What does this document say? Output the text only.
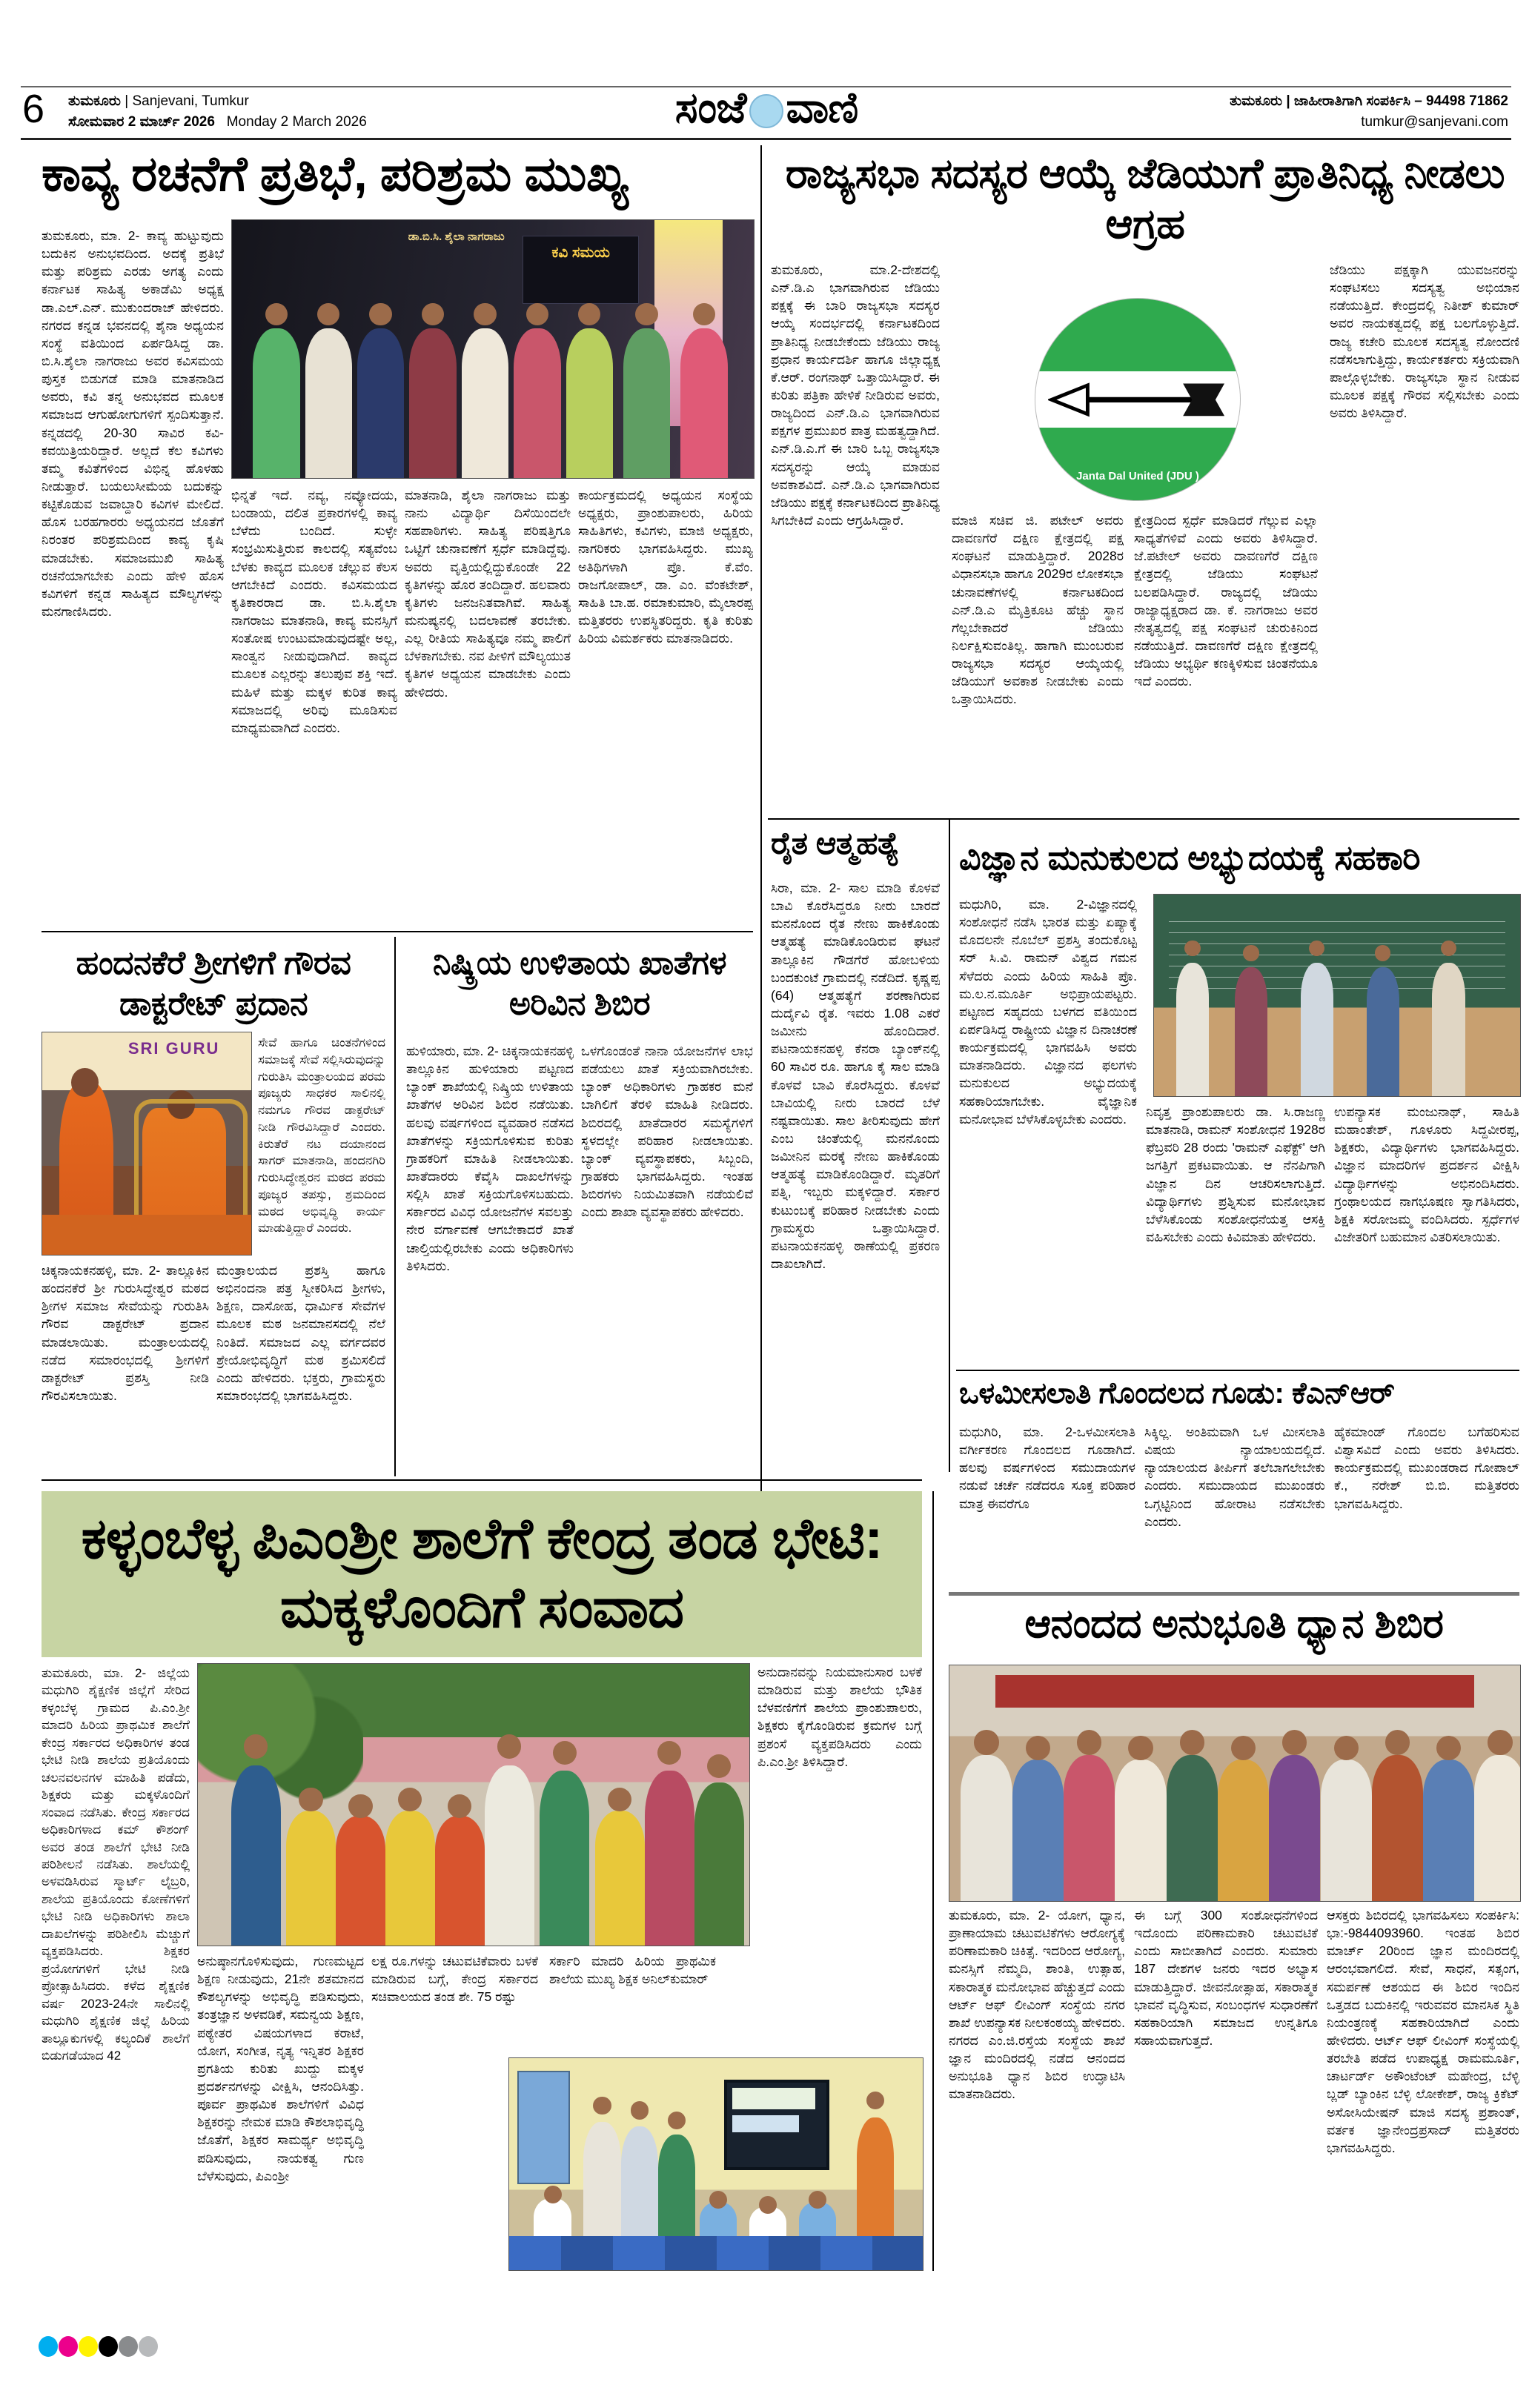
6 ತುಮಕೂರು | Sanjevani, Tumkur
ಸೋಮವಾರ 2 ಮಾರ್ಚ್ 2026 Monday 2 March 2026	ಸಂಜೆ ವಾಣಿ	ತುಮಕೂರು | ಜಾಹೀರಾತಿಗಾಗಿ ಸಂಪರ್ಕಿಸಿ – 94498 71862
tumkur@sanjevani.com
ಕಾವ್ಯ ರಚನೆಗೆ ಪ್ರತಿಭೆ, ಪರಿಶ್ರಮ ಮುಖ್ಯ
ತುಮಕೂರು, ಮಾ. 2- ಕಾವ್ಯ ಹುಟ್ಟುವುದು ಬದುಕಿನ ಅನುಭವದಿಂದ. ಅದಕ್ಕೆ ಪ್ರತಿಭೆ ಮತ್ತು ಪರಿಶ್ರಮ ಎರಡು ಅಗತ್ಯ ಎಂದು ಕರ್ನಾಟಕ ಸಾಹಿತ್ಯ ಅಕಾಡೆಮಿ ಅಧ್ಯಕ್ಷ ಡಾ.ಎಲ್.ಎನ್. ಮುಕುಂದರಾಜ್ ಹೇಳಿದರು. ನಗರದ ಕನ್ನಡ ಭವನದಲ್ಲಿ ಶೈನಾ ಅಧ್ಯಯನ ಸಂಸ್ಥೆ ವತಿಯಿಂದ ಏರ್ಪಡಿಸಿದ್ದ ಡಾ. ಬಿ.ಸಿ.ಶೈಲಾ ನಾಗರಾಜು ಅವರ ಕವಿಸಮಯ ಪುಸ್ತಕ ಬಿಡುಗಡೆ ಮಾಡಿ ಮಾತನಾಡಿದ ಅವರು, ಕವಿ ತನ್ನ ಅನುಭವದ ಮೂಲಕ ಸಮಾಜದ ಆಗುಹೋಗುಗಳಿಗೆ ಸ್ಪಂದಿಸುತ್ತಾನೆ. ಕನ್ನಡದಲ್ಲಿ 20-30 ಸಾವಿರ ಕವಿ-ಕವಯಿತ್ರಿಯರಿದ್ದಾರೆ. ಅಲ್ಲದೆ ಕೆಲ ಕವಿಗಳು ತಮ್ಮ ಕವಿತೆಗಳಿಂದ ವಿಭಿನ್ನ ಹೊಳಹು ನೀಡುತ್ತಾರೆ. ಬಯಲುಸೀಮೆಯ ಬದುಕನ್ನು ಕಟ್ಟಿಕೊಡುವ ಜವಾಬ್ದಾರಿ ಕವಿಗಳ ಮೇಲಿದೆ. ಹೊಸ ಬರಹಗಾರರು ಅಧ್ಯಯನದ ಜೊತೆಗೆ ನಿರಂತರ ಪರಿಶ್ರಮದಿಂದ ಕಾವ್ಯ ಕೃಷಿ ಮಾಡಬೇಕು. ಸಮಾಜಮುಖಿ ಸಾಹಿತ್ಯ ರಚನೆಯಾಗಬೇಕು ಎಂದು ಹೇಳಿ ಹೊಸ ಕವಿಗಳಿಗೆ ಕನ್ನಡ ಸಾಹಿತ್ಯದ ಮೌಲ್ಯಗಳನ್ನು ಮನಗಾಣಿಸಿದರು.
ಕವಿ ಸಮಯ
ಡಾ.ಬಿ.ಸಿ. ಶೈಲಾ ನಾಗರಾಜು
ಭಿನ್ನತೆ ಇದೆ. ನವ್ಯ, ನವ್ಯೋದಯ, ಬಂಡಾಯ, ದಲಿತ ಪ್ರಕಾರಗಳಲ್ಲಿ ಕಾವ್ಯ ಬೆಳೆದು ಬಂದಿದೆ. ಸುಳ್ಳೇ ಸಂಭ್ರಮಿಸುತ್ತಿರುವ ಕಾಲದಲ್ಲಿ ಸತ್ಯವೆಂಬ ಬೆಳಕು ಕಾವ್ಯದ ಮೂಲಕ ಚೆಲ್ಲುವ ಕೆಲಸ ಆಗಬೇಕಿದೆ ಎಂದರು. ಕವಿಸಮಯದ ಕೃತಿಕಾರರಾದ ಡಾ. ಬಿ.ಸಿ.ಶೈಲಾ ನಾಗರಾಜು ಮಾತನಾಡಿ, ಕಾವ್ಯ ಮನಸ್ಸಿಗೆ ಸಂತೋಷ ಉಂಟುಮಾಡುವುದಷ್ಟೇ ಅಲ್ಲ, ಸಾಂತ್ವನ ನೀಡುವುದಾಗಿದೆ. ಕಾವ್ಯದ ಮೂಲಕ ಎಲ್ಲರನ್ನು ತಲುಪುವ ಶಕ್ತಿ ಇದೆ. ಮಹಿಳೆ ಮತ್ತು ಮಕ್ಕಳ ಕುರಿತ ಕಾವ್ಯ ಸಮಾಜದಲ್ಲಿ ಅರಿವು ಮೂಡಿಸುವ ಮಾಧ್ಯಮವಾಗಿದೆ ಎಂದರು.
ಮಾತನಾಡಿ, ಶೈಲಾ ನಾಗರಾಜು ಮತ್ತು ನಾನು ವಿದ್ಯಾರ್ಥಿ ದಿಸೆಯಿಂದಲೇ ಸಹಪಾಠಿಗಳು. ಸಾಹಿತ್ಯ ಪರಿಷತ್ತಿಗೂ ಒಟ್ಟಿಗೆ ಚುನಾವಣೆಗೆ ಸ್ಪರ್ಧೆ ಮಾಡಿದ್ದೆವು. ಅವರು ವೃತ್ತಿಯಲ್ಲಿದ್ದುಕೊಂಡೇ 22 ಕೃತಿಗಳನ್ನು ಹೊರ ತಂದಿದ್ದಾರೆ. ಹಲವಾರು ಕೃತಿಗಳು ಜನಜನಿತವಾಗಿವೆ. ಸಾಹಿತ್ಯ ಮನುಷ್ಯನಲ್ಲಿ ಬದಲಾವಣೆ ತರಬೇಕು. ಎಲ್ಲ ರೀತಿಯ ಸಾಹಿತ್ಯವೂ ನಮ್ಮ ಪಾಲಿಗೆ ಬೆಳಕಾಗಬೇಕು. ನವ ಪೀಳಿಗೆ ಮೌಲ್ಯಯುತ ಕೃತಿಗಳ ಅಧ್ಯಯನ ಮಾಡಬೇಕು ಎಂದು ಹೇಳಿದರು.
ಕಾರ್ಯಕ್ರಮದಲ್ಲಿ ಅಧ್ಯಯನ ಸಂಸ್ಥೆಯ ಅಧ್ಯಕ್ಷರು, ಪ್ರಾಂಶುಪಾಲರು, ಹಿರಿಯ ಸಾಹಿತಿಗಳು, ಕವಿಗಳು, ಮಾಜಿ ಅಧ್ಯಕ್ಷರು, ನಾಗರಿಕರು ಭಾಗವಹಿಸಿದ್ದರು. ಮುಖ್ಯ ಅತಿಥಿಗಳಾಗಿ ಪ್ರೊ. ಕೆ.ವೆಂ. ರಾಜಗೋಪಾಲ್, ಡಾ. ಎಂ. ವೆಂಕಟೇಶ್, ಸಾಹಿತಿ ಬಾ.ಹ. ರಮಾಕುಮಾರಿ, ಮೈಲಾರಪ್ಪ ಮತ್ತಿತರರು ಉಪಸ್ಥಿತರಿದ್ದರು. ಕೃತಿ ಕುರಿತು ಹಿರಿಯ ವಿಮರ್ಶಕರು ಮಾತನಾಡಿದರು.
ಹಂದನಕೆರೆ ಶ್ರೀಗಳಿಗೆ ಗೌರವ ಡಾಕ್ಟರೇಟ್ ಪ್ರದಾನ
ನಿಷ್ಕ್ರಿಯ ಉಳಿತಾಯ ಖಾತೆಗಳ ಅರಿವಿನ ಶಿಬಿರ
SRI GURU	ಸೇವೆ ಹಾಗೂ ಚಿಂತನೆಗಳಿಂದ ಸಮಾಜಕ್ಕೆ ಸೇವೆ ಸಲ್ಲಿಸಿರುವುದನ್ನು ಗುರುತಿಸಿ ಮಂತ್ರಾಲಯದ ಪರಮ ಪೂಜ್ಯರು ಸಾಧಕರ ಸಾಲಿನಲ್ಲಿ ನಮಗೂ ಗೌರವ ಡಾಕ್ಟರೇಟ್ ನೀಡಿ ಗೌರವಿಸಿದ್ದಾರೆ ಎಂದರು. ಕಿರುತೆರೆ ನಟ ದಯಾನಂದ ಸಾಗರ್ ಮಾತನಾಡಿ, ಹಂದನಗಿರಿ ಗುರುಸಿದ್ಧೇಶ್ವರನ ಮಠದ ಪರಮ ಪೂಜ್ಯರ ತಪಸ್ಸು, ಶ್ರಮದಿಂದ ಮಠದ ಅಭಿವೃದ್ಧಿ ಕಾರ್ಯ ಮಾಡುತ್ತಿದ್ದಾರೆ ಎಂದರು.
ಚಿಕ್ಕನಾಯಕನಹಳ್ಳಿ, ಮಾ. 2- ತಾಲ್ಲೂಕಿನ ಹಂದನಕೆರೆ ಶ್ರೀ ಗುರುಸಿದ್ಧೇಶ್ವರ ಮಠದ ಶ್ರೀಗಳ ಸಮಾಜ ಸೇವೆಯನ್ನು ಗುರುತಿಸಿ ಗೌರವ ಡಾಕ್ಟರೇಟ್ ಪ್ರದಾನ ಮಾಡಲಾಯಿತು. ಮಂತ್ರಾಲಯದಲ್ಲಿ ನಡೆದ ಸಮಾರಂಭದಲ್ಲಿ ಶ್ರೀಗಳಿಗೆ ಡಾಕ್ಟರೇಟ್ ಪ್ರಶಸ್ತಿ ನೀಡಿ ಗೌರವಿಸಲಾಯಿತು.
ಮಂತ್ರಾಲಯದ ಪ್ರಶಸ್ತಿ ಹಾಗೂ ಅಭಿನಂದನಾ ಪತ್ರ ಸ್ವೀಕರಿಸಿದ ಶ್ರೀಗಳು, ಶಿಕ್ಷಣ, ದಾಸೋಹ, ಧಾರ್ಮಿಕ ಸೇವೆಗಳ ಮೂಲಕ ಮಠ ಜನಮಾನಸದಲ್ಲಿ ನೆಲೆ ನಿಂತಿದೆ. ಸಮಾಜದ ಎಲ್ಲ ವರ್ಗದವರ ಶ್ರೇಯೋಭಿವೃದ್ಧಿಗೆ ಮಠ ಶ್ರಮಿಸಲಿದೆ ಎಂದು ಹೇಳಿದರು. ಭಕ್ತರು, ಗ್ರಾಮಸ್ಥರು ಸಮಾರಂಭದಲ್ಲಿ ಭಾಗವಹಿಸಿದ್ದರು.
ಹುಳಿಯಾರು, ಮಾ. 2- ಚಿಕ್ಕನಾಯಕನಹಳ್ಳಿ ತಾಲ್ಲೂಕಿನ ಹುಳಿಯಾರು ಪಟ್ಟಣದ ಬ್ಯಾಂಕ್ ಶಾಖೆಯಲ್ಲಿ ನಿಷ್ಕ್ರಿಯ ಉಳಿತಾಯ ಖಾತೆಗಳ ಅರಿವಿನ ಶಿಬಿರ ನಡೆಯಿತು. ಹಲವು ವರ್ಷಗಳಿಂದ ವ್ಯವಹಾರ ನಡೆಸದ ಖಾತೆಗಳನ್ನು ಸಕ್ರಿಯಗೊಳಿಸುವ ಕುರಿತು ಗ್ರಾಹಕರಿಗೆ ಮಾಹಿತಿ ನೀಡಲಾಯಿತು. ಖಾತೆದಾರರು ಕೆವೈಸಿ ದಾಖಲೆಗಳನ್ನು ಸಲ್ಲಿಸಿ ಖಾತೆ ಸಕ್ರಿಯಗೊಳಿಸಬಹುದು. ಸರ್ಕಾರದ ವಿವಿಧ ಯೋಜನೆಗಳ ಸವಲತ್ತು ನೇರ ವರ್ಗಾವಣೆ ಆಗಬೇಕಾದರೆ ಖಾತೆ ಚಾಲ್ತಿಯಲ್ಲಿರಬೇಕು ಎಂದು ಅಧಿಕಾರಿಗಳು ತಿಳಿಸಿದರು.
ಒಳಗೊಂಡಂತೆ ನಾನಾ ಯೋಜನೆಗಳ ಲಾಭ ಪಡೆಯಲು ಖಾತೆ ಸಕ್ರಿಯವಾಗಿರಬೇಕು. ಬ್ಯಾಂಕ್ ಅಧಿಕಾರಿಗಳು ಗ್ರಾಹಕರ ಮನೆ ಬಾಗಿಲಿಗೆ ತೆರಳಿ ಮಾಹಿತಿ ನೀಡಿದರು. ಶಿಬಿರದಲ್ಲಿ ಖಾತೆದಾರರ ಸಮಸ್ಯೆಗಳಿಗೆ ಸ್ಥಳದಲ್ಲೇ ಪರಿಹಾರ ನೀಡಲಾಯಿತು. ಬ್ಯಾಂಕ್ ವ್ಯವಸ್ಥಾಪಕರು, ಸಿಬ್ಬಂದಿ, ಗ್ರಾಹಕರು ಭಾಗವಹಿಸಿದ್ದರು. ಇಂತಹ ಶಿಬಿರಗಳು ನಿಯಮಿತವಾಗಿ ನಡೆಯಲಿವೆ ಎಂದು ಶಾಖಾ ವ್ಯವಸ್ಥಾಪಕರು ಹೇಳಿದರು.
ಕಳ್ಳಂಬೆಳ್ಳ ಪಿಎಂಶ್ರೀ ಶಾಲೆಗೆ ಕೇಂದ್ರ ತಂಡ ಭೇಟಿ: ಮಕ್ಕಳೊಂದಿಗೆ ಸಂವಾದ
ತುಮಕೂರು, ಮಾ. 2- ಜಿಲ್ಲೆಯ ಮಧುಗಿರಿ ಶೈಕ್ಷಣಿಕ ಜಿಲ್ಲೆಗೆ ಸೇರಿದ ಕಳ್ಳಂಬೆಳ್ಳ ಗ್ರಾಮದ ಪಿ.ಎಂ.ಶ್ರೀ ಮಾದರಿ ಹಿರಿಯ ಪ್ರಾಥಮಿಕ ಶಾಲೆಗೆ ಕೇಂದ್ರ ಸರ್ಕಾರದ ಅಧಿಕಾರಿಗಳ ತಂಡ ಭೇಟಿ ನೀಡಿ ಶಾಲೆಯ ಪ್ರತಿಯೊಂದು ಚಲನವಲನಗಳ ಮಾಹಿತಿ ಪಡೆದು, ಶಿಕ್ಷಕರು ಮತ್ತು ಮಕ್ಕಳೊಂದಿಗೆ ಸಂವಾದ ನಡೆಸಿತು. ಕೇಂದ್ರ ಸರ್ಕಾರದ ಅಧಿಕಾರಿಗಳಾದ ಕಮ್ ಕೌಶಂಗ್ ಅವರ ತಂಡ ಶಾಲೆಗೆ ಭೇಟಿ ನೀಡಿ ಪರಿಶೀಲನೆ ನಡೆಸಿತು. ಶಾಲೆಯಲ್ಲಿ ಅಳವಡಿಸಿರುವ ಸ್ಮಾರ್ಟ್ ಲೈಬ್ರರಿ, ಶಾಲೆಯ ಪ್ರತಿಯೊಂದು ಕೋಣೆಗಳಿಗೆ ಭೇಟಿ ನೀಡಿ ಅಧಿಕಾರಿಗಳು ಶಾಲಾ ದಾಖಲೆಗಳನ್ನು ಪರಿಶೀಲಿಸಿ ಮೆಚ್ಚುಗೆ ವ್ಯಕ್ತಪಡಿಸಿದರು. ಶಿಕ್ಷಕರ ಪ್ರಯೋಗಗಳಿಗೆ ಭೇಟಿ ನೀಡಿ ಪ್ರೋತ್ಸಾಹಿಸಿದರು. ಕಳೆದ ಶೈಕ್ಷಣಿಕ ವರ್ಷ 2023-24ನೇ ಸಾಲಿನಲ್ಲಿ ಮಧುಗಿರಿ ಶೈಕ್ಷಣಿಕ ಜಿಲ್ಲೆ ಹಿರಿಯ ತಾಲ್ಲೂಕುಗಳಲ್ಲಿ ಕಲ್ಯಂದಿಕೆ ಶಾಲೆಗೆ ಬಿಡುಗಡೆಯಾದ 42
ಅನುದಾನವನ್ನು ನಿಯಮಾನುಸಾರ ಬಳಕೆ ಮಾಡಿರುವ ಮತ್ತು ಶಾಲೆಯ ಭೌತಿಕ ಬೆಳವಣಿಗೆಗೆ ಶಾಲೆಯ ಪ್ರಾಂಶುಪಾಲರು, ಶಿಕ್ಷಕರು ಕೈಗೊಂಡಿರುವ ಕ್ರಮಗಳ ಬಗ್ಗೆ ಪ್ರಶಂಸೆ ವ್ಯಕ್ತಪಡಿಸಿದರು ಎಂದು ಪಿ.ಎಂ.ಶ್ರೀ ತಿಳಿಸಿದ್ದಾರೆ.
ಅನುಷ್ಠಾನಗೊಳಿಸುವುದು, ಗುಣಮಟ್ಟದ ಶಿಕ್ಷಣ ನೀಡುವುದು, 21ನೇ ಶತಮಾನದ ಕೌಶಲ್ಯಗಳನ್ನು ಅಭಿವೃದ್ಧಿ ಪಡಿಸುವುದು, ತಂತ್ರಜ್ಞಾನ ಅಳವಡಿಕೆ, ಸಮನ್ವಯ ಶಿಕ್ಷಣ, ಪಠ್ಯೇತರ ವಿಷಯಗಳಾದ ಕರಾಟೆ, ಯೋಗ, ಸಂಗೀತ, ನೃತ್ಯ ಇನ್ನಿತರ ಶಿಕ್ಷಕರ ಪ್ರಗತಿಯ ಕುರಿತು ಖುದ್ದು ಮಕ್ಕಳ ಪ್ರದರ್ಶನಗಳನ್ನು ವೀಕ್ಷಿಸಿ, ಆನಂದಿಸಿತ್ತು. ಪೂರ್ವ ಪ್ರಾಥಮಿಕ ಶಾಲೆಗಳಿಗೆ ವಿವಿಧ ಶಿಕ್ಷಕರನ್ನು ನೇಮಕ ಮಾಡಿ ಕೌಶಲಾಭಿವೃದ್ಧಿ ಜೊತೆಗೆ, ಶಿಕ್ಷಕರ ಸಾಮರ್ಥ್ಯ ಅಭಿವೃದ್ಧಿ ಪಡಿಸುವುದು, ನಾಯಕತ್ವ ಗುಣ ಬೆಳೆಸುವುದು, ಪಿಎಂಶ್ರೀ
ಲಕ್ಷ ರೂ.ಗಳನ್ನು ಚಟುವಟಿಕೆವಾರು ಬಳಕೆ ಮಾಡಿರುವ ಬಗ್ಗೆ, ಕೇಂದ್ರ ಸರ್ಕಾರದ ಸಚಿವಾಲಯದ ತಂಡ ಶೇ. 75 ರಷ್ಟು
ಸರ್ಕಾರಿ ಮಾದರಿ ಹಿರಿಯ ಪ್ರಾಥಮಿಕ ಶಾಲೆಯ ಮುಖ್ಯ ಶಿಕ್ಷಕ ಅನಿಲ್‌ಕುಮಾರ್
ರಾಜ್ಯಸಭಾ ಸದಸ್ಯರ ಆಯ್ಕೆ ಜೆಡಿಯುಗೆ ಪ್ರಾತಿನಿಧ್ಯ ನೀಡಲು ಆಗ್ರಹ
ತುಮಕೂರು, ಮಾ.2-ದೇಶದಲ್ಲಿ ಎನ್.ಡಿ.ಎ ಭಾಗವಾಗಿರುವ ಜೆಡಿಯು ಪಕ್ಷಕ್ಕೆ ಈ ಬಾರಿ ರಾಜ್ಯಸಭಾ ಸದಸ್ಯರ ಆಯ್ಕೆ ಸಂದರ್ಭದಲ್ಲಿ ಕರ್ನಾಟಕದಿಂದ ಪ್ರಾತಿನಿಧ್ಯ ನೀಡಬೇಕೆಂದು ಜೆಡಿಯು ರಾಜ್ಯ ಪ್ರಧಾನ ಕಾರ್ಯದರ್ಶಿ ಹಾಗೂ ಜಿಲ್ಲಾಧ್ಯಕ್ಷ ಕೆ.ಆರ್. ರಂಗನಾಥ್ ಒತ್ತಾಯಿಸಿದ್ದಾರೆ. ಈ ಕುರಿತು ಪತ್ರಿಕಾ ಹೇಳಿಕೆ ನೀಡಿರುವ ಅವರು, ರಾಜ್ಯದಿಂದ ಎನ್.ಡಿ.ಎ ಭಾಗವಾಗಿರುವ ಪಕ್ಷಗಳ ಪ್ರಮುಖರ ಪಾತ್ರ ಮಹತ್ವದ್ದಾಗಿದೆ. ಎನ್.ಡಿ.ಎ.ಗೆ ಈ ಬಾರಿ ಒಬ್ಬ ರಾಜ್ಯಸಭಾ ಸದಸ್ಯರನ್ನು ಆಯ್ಕೆ ಮಾಡುವ ಅವಕಾಶವಿದೆ. ಎನ್.ಡಿ.ಎ ಭಾಗವಾಗಿರುವ ಜೆಡಿಯು ಪಕ್ಷಕ್ಕೆ ಕರ್ನಾಟಕದಿಂದ ಪ್ರಾತಿನಿಧ್ಯ ಸಿಗಬೇಕಿದೆ ಎಂದು ಆಗ್ರಹಿಸಿದ್ದಾರೆ.
Janta Dal United (JDU )
ಮಾಜಿ ಸಚಿವ ಜಿ. ಪಟೇಲ್ ಅವರು ದಾವಣಗೆರೆ ದಕ್ಷಿಣ ಕ್ಷೇತ್ರದಲ್ಲಿ ಪಕ್ಷ ಸಂಘಟನೆ ಮಾಡುತ್ತಿದ್ದಾರೆ. 2028ರ ವಿಧಾನಸಭಾ ಹಾಗೂ 2029ರ ಲೋಕಸಭಾ ಚುನಾವಣೆಗಳಲ್ಲಿ ಕರ್ನಾಟಕದಿಂದ ಎನ್.ಡಿ.ಎ ಮೈತ್ರಿಕೂಟ ಹೆಚ್ಚು ಸ್ಥಾನ ಗೆಲ್ಲಬೇಕಾದರೆ ಜೆಡಿಯು ನಿರ್ಲಕ್ಷಿಸುವಂತಿಲ್ಲ. ಹಾಗಾಗಿ ಮುಂಬರುವ ರಾಜ್ಯಸಭಾ ಸದಸ್ಯರ ಆಯ್ಕೆಯಲ್ಲಿ ಜೆಡಿಯುಗೆ ಅವಕಾಶ ನೀಡಬೇಕು ಎಂದು ಒತ್ತಾಯಿಸಿದರು.
ಕ್ಷೇತ್ರದಿಂದ ಸ್ಪರ್ಧೆ ಮಾಡಿದರೆ ಗೆಲ್ಲುವ ಎಲ್ಲಾ ಸಾಧ್ಯತೆಗಳಿವೆ ಎಂದು ಅವರು ತಿಳಿಸಿದ್ದಾರೆ. ಜೆ.ಪಟೇಲ್ ಅವರು ದಾವಣಗೆರೆ ದಕ್ಷಿಣ ಕ್ಷೇತ್ರದಲ್ಲಿ ಜೆಡಿಯು ಸಂಘಟನೆ ಬಲಪಡಿಸಿದ್ದಾರೆ. ರಾಜ್ಯದಲ್ಲಿ ಜೆಡಿಯು ರಾಜ್ಯಾಧ್ಯಕ್ಷರಾದ ಡಾ. ಕೆ. ನಾಗರಾಜು ಅವರ ನೇತೃತ್ವದಲ್ಲಿ ಪಕ್ಷ ಸಂಘಟನೆ ಚುರುಕಿನಿಂದ ನಡೆಯುತ್ತಿದೆ. ದಾವಣಗೆರೆ ದಕ್ಷಿಣ ಕ್ಷೇತ್ರದಲ್ಲಿ ಜೆಡಿಯು ಅಭ್ಯರ್ಥಿ ಕಣಕ್ಕಿಳಿಸುವ ಚಿಂತನೆಯೂ ಇದೆ ಎಂದರು.
ಜೆಡಿಯು ಪಕ್ಷಕ್ಕಾಗಿ ಯುವಜನರನ್ನು ಸಂಘಟಿಸಲು ಸದಸ್ಯತ್ವ ಅಭಿಯಾನ ನಡೆಯುತ್ತಿದೆ. ಕೇಂದ್ರದಲ್ಲಿ ನಿತೀಶ್ ಕುಮಾರ್ ಅವರ ನಾಯಕತ್ವದಲ್ಲಿ ಪಕ್ಷ ಬಲಗೊಳ್ಳುತ್ತಿದೆ. ರಾಜ್ಯ ಕಚೇರಿ ಮೂಲಕ ಸದಸ್ಯತ್ವ ನೋಂದಣಿ ನಡೆಸಲಾಗುತ್ತಿದ್ದು, ಕಾರ್ಯಕರ್ತರು ಸಕ್ರಿಯವಾಗಿ ಪಾಲ್ಗೊಳ್ಳಬೇಕು. ರಾಜ್ಯಸಭಾ ಸ್ಥಾನ ನೀಡುವ ಮೂಲಕ ಪಕ್ಷಕ್ಕೆ ಗೌರವ ಸಲ್ಲಿಸಬೇಕು ಎಂದು ಅವರು ತಿಳಿಸಿದ್ದಾರೆ.
ರೈತ ಆತ್ಮಹತ್ಯೆ
ಸಿರಾ, ಮಾ. 2- ಸಾಲ ಮಾಡಿ ಕೊಳವೆ ಬಾವಿ ಕೊರೆಸಿದ್ದರೂ ನೀರು ಬಾರದೆ ಮನನೊಂದ ರೈತ ನೇಣು ಹಾಕಿಕೊಂಡು ಆತ್ಮಹತ್ಯೆ ಮಾಡಿಕೊಂಡಿರುವ ಘಟನೆ ತಾಲ್ಲೂಕಿನ ಗೌಡಗೆರೆ ಹೋಬಳಿಯ ಬಂದಕುಂಟೆ ಗ್ರಾಮದಲ್ಲಿ ನಡೆದಿದೆ. ಕೃಷ್ಣಪ್ಪ (64) ಆತ್ಮಹತ್ಯೆಗೆ ಶರಣಾಗಿರುವ ದುರ್ದೈವಿ ರೈತ. ಇವರು 1.08 ಎಕರೆ ಜಮೀನು ಹೊಂದಿದಾರೆ. ಪಟನಾಯಕನಹಳ್ಳಿ ಕೆನರಾ ಬ್ಯಾಂಕ್‌ನಲ್ಲಿ 60 ಸಾವಿರ ರೂ. ಹಾಗೂ ಕೈ ಸಾಲ ಮಾಡಿ ಕೊಳವೆ ಬಾವಿ ಕೊರೆಸಿದ್ದರು. ಕೊಳವೆ ಬಾವಿಯಲ್ಲಿ ನೀರು ಬಾರದೆ ಬೆಳೆ ನಷ್ಟವಾಯಿತು. ಸಾಲ ತೀರಿಸುವುದು ಹೇಗೆ ಎಂಬ ಚಿಂತೆಯಲ್ಲಿ ಮನನೊಂದು ಜಮೀನಿನ ಮರಕ್ಕೆ ನೇಣು ಹಾಕಿಕೊಂಡು ಆತ್ಮಹತ್ಯೆ ಮಾಡಿಕೊಂಡಿದ್ದಾರೆ. ಮೃತರಿಗೆ ಪತ್ನಿ, ಇಬ್ಬರು ಮಕ್ಕಳಿದ್ದಾರೆ. ಸರ್ಕಾರ ಕುಟುಂಬಕ್ಕೆ ಪರಿಹಾರ ನೀಡಬೇಕು ಎಂದು ಗ್ರಾಮಸ್ಥರು ಒತ್ತಾಯಿಸಿದ್ದಾರೆ. ಪಟನಾಯಕನಹಳ್ಳಿ ಠಾಣೆಯಲ್ಲಿ ಪ್ರಕರಣ ದಾಖಲಾಗಿದೆ.
ವಿಜ್ಞಾನ ಮನುಕುಲದ ಅಭ್ಯುದಯಕ್ಕೆ ಸಹಕಾರಿ
ಮಧುಗಿರಿ, ಮಾ. 2-ವಿಜ್ಞಾನದಲ್ಲಿ ಸಂಶೋಧನೆ ನಡೆಸಿ ಭಾರತ ಮತ್ತು ಏಷ್ಯಾಕ್ಕೆ ಮೊದಲನೇ ನೊಬೆಲ್ ಪ್ರಶಸ್ತಿ ತಂದುಕೊಟ್ಟ ಸರ್ ಸಿ.ವಿ. ರಾಮನ್ ವಿಶ್ವದ ಗಮನ ಸೆಳೆದರು ಎಂದು ಹಿರಿಯ ಸಾಹಿತಿ ಪ್ರೊ. ಮ.ಲ.ನ.ಮೂರ್ತಿ ಅಭಿಪ್ರಾಯಪಟ್ಟರು. ಪಟ್ಟಣದ ಸಹೃದಯ ಬಳಗದ ವತಿಯಿಂದ ಏರ್ಪಡಿಸಿದ್ದ ರಾಷ್ಟ್ರೀಯ ವಿಜ್ಞಾನ ದಿನಾಚರಣೆ ಕಾರ್ಯಕ್ರಮದಲ್ಲಿ ಭಾಗವಹಿಸಿ ಅವರು ಮಾತನಾಡಿದರು. ವಿಜ್ಞಾನದ ಫಲಗಳು ಮನುಕುಲದ ಅಭ್ಯುದಯಕ್ಕೆ ಸಹಕಾರಿಯಾಗಬೇಕು. ವೈಜ್ಞಾನಿಕ ಮನೋಭಾವ ಬೆಳೆಸಿಕೊಳ್ಳಬೇಕು ಎಂದರು.	ನಿವೃತ್ತ ಪ್ರಾಂಶುಪಾಲರು ಡಾ. ಸಿ.ರಾಜಣ್ಣ ಮಾತನಾಡಿ, ರಾಮನ್ ಸಂಶೋಧನೆ 1928ರ ಫೆಬ್ರವರಿ 28 ರಂದು 'ರಾಮನ್ ಎಫೆಕ್ಟ್' ಆಗಿ ಜಗತ್ತಿಗೆ ಪ್ರಕಟವಾಯಿತು. ಆ ನೆನಪಿಗಾಗಿ ವಿಜ್ಞಾನ ದಿನ ಆಚರಿಸಲಾಗುತ್ತಿದೆ. ವಿದ್ಯಾರ್ಥಿಗಳು ಪ್ರಶ್ನಿಸುವ ಮನೋಭಾವ ಬೆಳೆಸಿಕೊಂಡು ಸಂಶೋಧನೆಯತ್ತ ಆಸಕ್ತಿ ವಹಿಸಬೇಕು ಎಂದು ಕಿವಿಮಾತು ಹೇಳಿದರು.
ಉಪನ್ಯಾಸಕ ಮಂಜುನಾಥ್, ಸಾಹಿತಿ ಮಹಾಂತೇಶ್, ಗೂಳೂರು ಸಿದ್ದವೀರಪ್ಪ, ಶಿಕ್ಷಕರು, ವಿದ್ಯಾರ್ಥಿಗಳು ಭಾಗವಹಿಸಿದ್ದರು. ವಿಜ್ಞಾನ ಮಾದರಿಗಳ ಪ್ರದರ್ಶನ ವೀಕ್ಷಿಸಿ ವಿದ್ಯಾರ್ಥಿಗಳನ್ನು ಅಭಿನಂದಿಸಿದರು. ಗ್ರಂಥಾಲಯದ ನಾಗಭೂಷಣ ಸ್ವಾಗತಿಸಿದರು, ಶಿಕ್ಷಕಿ ಸರೋಜಮ್ಮ ವಂದಿಸಿದರು. ಸ್ಪರ್ಧೆಗಳ ವಿಜೇತರಿಗೆ ಬಹುಮಾನ ವಿತರಿಸಲಾಯಿತು.
ಒಳಮೀಸಲಾತಿ ಗೊಂದಲದ ಗೂಡು: ಕೆಎನ್‌ಆರ್
ಮಧುಗಿರಿ, ಮಾ. 2-ಒಳಮೀಸಲಾತಿ ವರ್ಗೀಕರಣ ಗೊಂದಲದ ಗೂಡಾಗಿದೆ. ಹಲವು ವರ್ಷಗಳಿಂದ ಸಮುದಾಯಗಳ ನಡುವೆ ಚರ್ಚೆ ನಡೆದರೂ ಸೂಕ್ತ ಪರಿಹಾರ ಮಾತ್ರ ಈವರೆಗೂ
ಸಿಕ್ಕಿಲ್ಲ. ಅಂತಿಮವಾಗಿ ಒಳ ಮೀಸಲಾತಿ ವಿಷಯ ನ್ಯಾಯಾಲಯದಲ್ಲಿದೆ. ನ್ಯಾಯಾಲಯದ ತೀರ್ಪಿಗೆ ತಲೆಬಾಗಲೇಬೇಕು ಎಂದರು. ಸಮುದಾಯದ ಮುಖಂಡರು ಒಗ್ಗಟ್ಟಿನಿಂದ ಹೋರಾಟ ನಡೆಸಬೇಕು ಎಂದರು.
ಹೈಕಮಾಂಡ್ ಗೊಂದಲ ಬಗೆಹರಿಸುವ ವಿಶ್ವಾಸವಿದೆ ಎಂದು ಅವರು ತಿಳಿಸಿದರು. ಕಾರ್ಯಕ್ರಮದಲ್ಲಿ ಮುಖಂಡರಾದ ಗೋಪಾಲ್ ಕೆ., ನರೇಶ್ ಬಿ.ಬಿ. ಮತ್ತಿತರರು ಭಾಗವಹಿಸಿದ್ದರು.
ಆನಂದದ ಅನುಭೂತಿ ಧ್ಯಾನ ಶಿಬಿರ
ತುಮಕೂರು, ಮಾ. 2- ಯೋಗ, ಧ್ಯಾನ, ಪ್ರಾಣಾಯಾಮ ಚಟುವಟಿಕೆಗಳು ಆರೋಗ್ಯಕ್ಕೆ ಪರಿಣಾಮಕಾರಿ ಚಿಕಿತ್ಸೆ. ಇದರಿಂದ ಆರೋಗ್ಯ, ಮನಸ್ಸಿಗೆ ನೆಮ್ಮದಿ, ಶಾಂತಿ, ಉತ್ಸಾಹ, ಸಕಾರಾತ್ಮಕ ಮನೋಭಾವ ಹೆಚ್ಚುತ್ತದೆ ಎಂದು ಆರ್ಟ್ ಆಫ್ ಲೀವಿಂಗ್ ಸಂಸ್ಥೆಯ ನಗರ ಶಾಖೆ ಉಪನ್ಯಾಸಕ ನೀಲಕಂಠಯ್ಯ ಹೇಳಿದರು. ನಗರದ ಎಂ.ಜಿ.ರಸ್ತೆಯ ಸಂಸ್ಥೆಯ ಶಾಖೆ ಜ್ಞಾನ ಮಂದಿರದಲ್ಲಿ ನಡೆದ ಆನಂದದ ಅನುಭೂತಿ ಧ್ಯಾನ ಶಿಬಿರ ಉದ್ಘಾಟಿಸಿ ಮಾತನಾಡಿದರು.
ಈ ಬಗ್ಗೆ 300 ಸಂಶೋಧನೆಗಳಿಂದ ಇದೊಂದು ಪರಿಣಾಮಕಾರಿ ಚಟುವಟಿಕೆ ಎಂದು ಸಾಬೀತಾಗಿದೆ ಎಂದರು. ಸುಮಾರು 187 ದೇಶಗಳ ಜನರು ಇದರ ಅಭ್ಯಾಸ ಮಾಡುತ್ತಿದ್ದಾರೆ. ಜೀವನೋತ್ಸಾಹ, ಸಕಾರಾತ್ಮಕ ಭಾವನೆ ವೃದ್ಧಿಸುವ, ಸಂಬಂಧಗಳ ಸುಧಾರಣೆಗೆ ಸಹಕಾರಿಯಾಗಿ ಸಮಾಜದ ಉನ್ನತಿಗೂ ಸಹಾಯವಾಗುತ್ತದೆ.
ಆಸಕ್ತರು ಶಿಬಿರದಲ್ಲಿ ಭಾಗವಹಿಸಲು ಸಂಪರ್ಕಿಸಿ: ಭಾ:-9844093960. ಇಂತಹ ಶಿಬಿರ ಮಾರ್ಚ್ 20ರಿಂದ ಜ್ಞಾನ ಮಂದಿರದಲ್ಲಿ ಆರಂಭವಾಗಲಿದೆ. ಸೇವೆ, ಸಾಧನೆ, ಸತ್ಸಂಗ, ಸಮರ್ಪಣೆ ಆಶಯದ ಈ ಶಿಬಿರ ಇಂದಿನ ಒತ್ತಡದ ಬದುಕಿನಲ್ಲಿ ಇರುವವರ ಮಾನಸಿಕ ಸ್ಥಿತಿ ನಿಯಂತ್ರಣಕ್ಕೆ ಸಹಕಾರಿಯಾಗಿದೆ ಎಂದು ಹೇಳಿದರು. ಆರ್ಟ್ ಆಫ್ ಲೀವಿಂಗ್ ಸಂಸ್ಥೆಯಲ್ಲಿ ತರಬೇತಿ ಪಡೆದ ಉಪಾಧ್ಯಕ್ಷ ರಾಮಮೂರ್ತಿ, ಚಾರ್ಟರ್ಡ್ ಅಕೌಂಟೆಂಟ್ ಮಹೇಂದ್ರ, ಬೆಳ್ಳಿ ಬ್ಲಡ್ ಬ್ಯಾಂಕಿನ ಬೆಳ್ಳಿ ಲೋಕೇಶ್, ರಾಜ್ಯ ಕ್ರಿಕೆಟ್ ಅಸೋಸಿಯೇಷನ್ ಮಾಜಿ ಸದಸ್ಯ ಪ್ರಶಾಂತ್, ವರ್ತಕ ಜ್ಞಾನೇಂದ್ರಪ್ರಸಾದ್ ಮತ್ತಿತರರು ಭಾಗವಹಿಸಿದ್ದರು.
